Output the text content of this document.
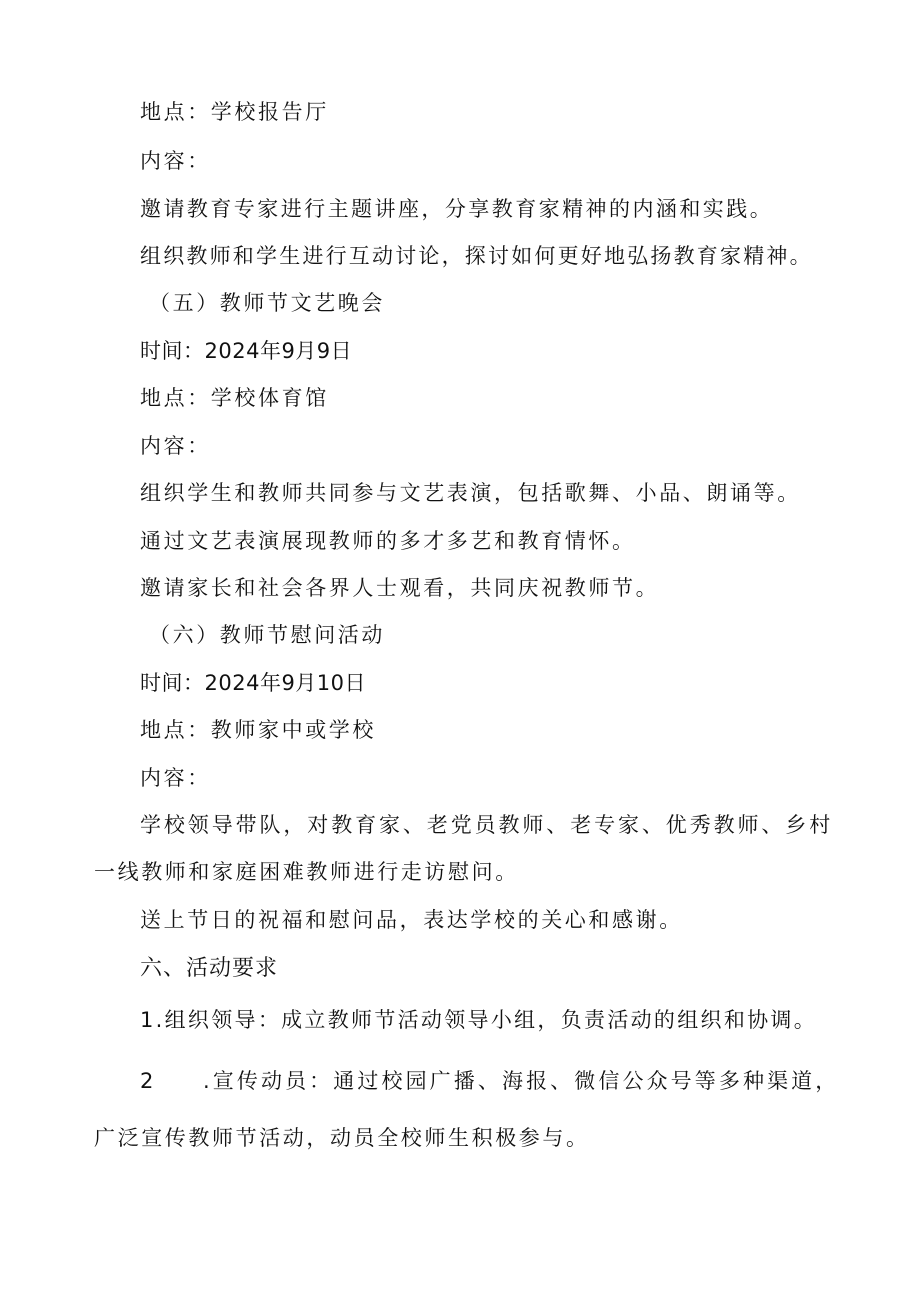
地点：学校报告厅

内容：

邀请教育专家进行主题讲座，分享教育家精神的内涵和实践。

组织教师和学生进行互动讨论，探讨如何更好地弘扬教育家精神。

（五）教师节文艺晚会

时间：2024年9月9日

地点：学校体育馆

内容：

组织学生和教师共同参与文艺表演，包括歌舞、小品、朗诵等。

通过文艺表演展现教师的多才多艺和教育情怀。

邀请家长和社会各界人士观看，共同庆祝教师节。

（六）教师节慰问活动

时间：2024年9月10日

地点：教师家中或学校

内容：

学校领导带队，对教育家、老党员教师、老专家、优秀教师、乡村

一线教师和家庭困难教师进行走访慰问。

送上节日的祝福和慰问品，表达学校的关心和感谢。

六、活动要求

1.组织领导：成立教师节活动领导小组，负责活动的组织和协调。

2 .宣传动员：通过校园广播、海报、微信公众号等多种渠道，

广泛宣传教师节活动，动员全校师生积极参与。
